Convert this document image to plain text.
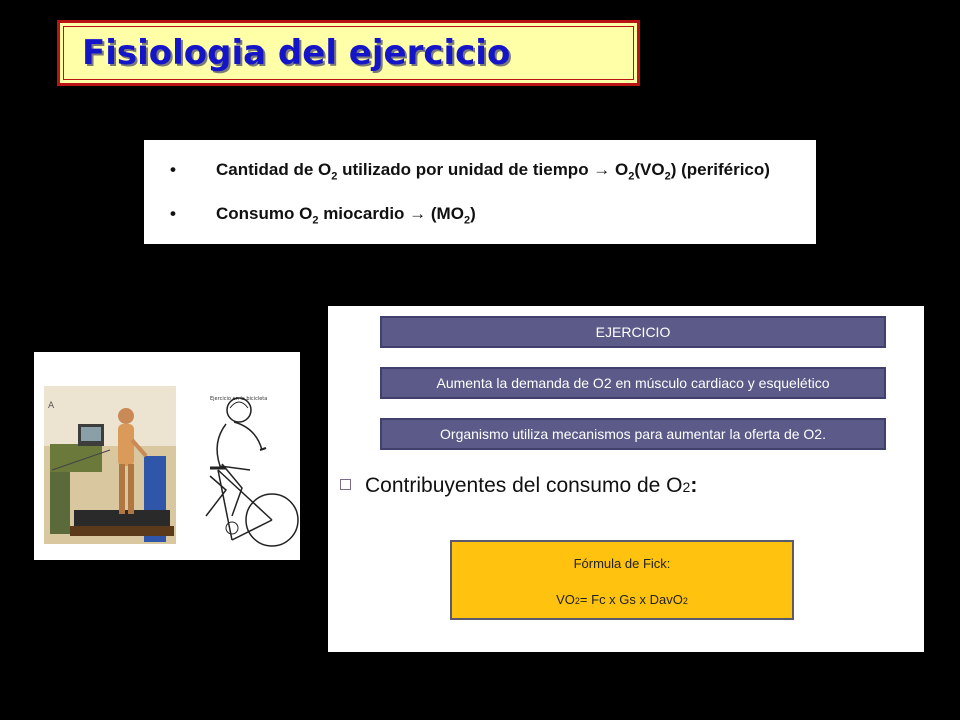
Fisiologia del ejercicio
• Cantidad de $O_2$ utilizado por unidad de tiempo → $O_2(VO_2)$ (periférico)
• Consumo $O_2$ miocardio → $(MO_2)$
A
Ejercicio en la bicicleta
EJERCICIO
Aumenta la demanda de O2 en músculo cardiaco y esquelético
Organismo utiliza mecanismos para aumentar la oferta de O2.
Contribuyentes del consumo de O2:
Fórmula de Fick:
VO2= Fc x Gs x DavO2
